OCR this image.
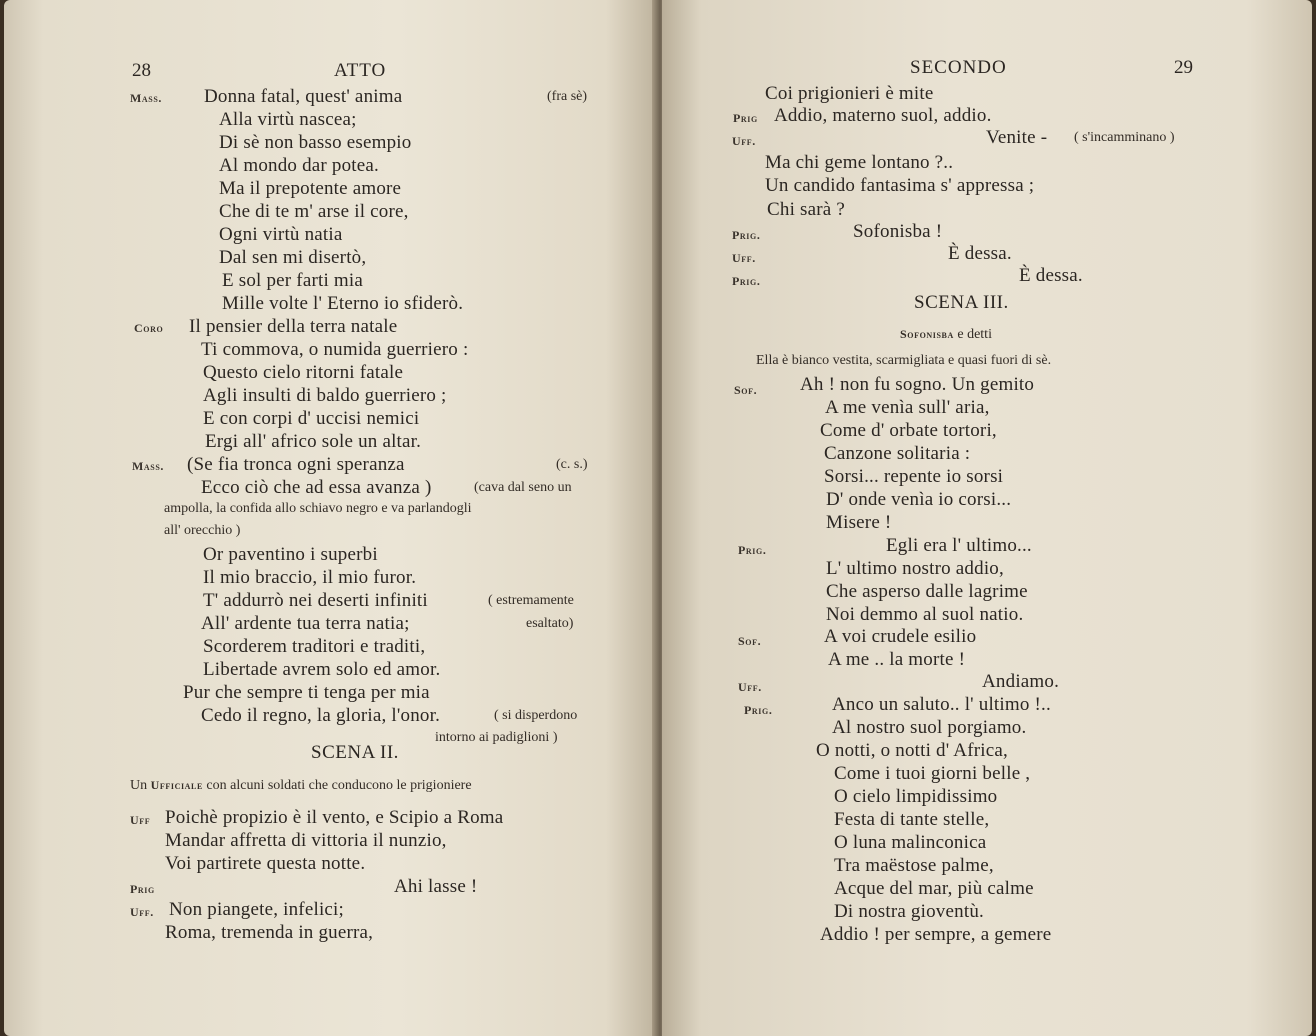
28	ATTO
Mass. Donna fatal, quest' anima	(fra sè)
Alla virtù nascea;
Di sè non basso esempio
Al mondo dar potea.
Ma il prepotente amore
Che di te m' arse il core,
Ogni virtù natia
Dal sen mi disertò,
E sol per farti mia
Mille volte l' Eterno io sfiderò.
Coro Il pensier della terra natale
Ti commova, o numida guerriero :
Questo cielo ritorni fatale
Agli insulti di baldo guerriero ;
E con corpi d' uccisi nemici
Ergi all' africo sole un altar.
Mass. (Se fia tronca ogni speranza	(c. s.)
Ecco ciò che ad essa avanza )	(cava dal seno un
ampolla, la confida allo schiavo negro e va parlandogli
all' orecchio )
Or paventino i superbi
Il mio braccio, il mio furor.
T' addurrò nei deserti infiniti	( estremamente
All' ardente tua terra natia;	esaltato)
Scorderem traditori e traditi,
Libertade avrem solo ed amor.
Pur che sempre ti tenga per mia
Cedo il regno, la gloria, l'onor.	( si disperdono
intorno ai padiglioni )
SCENA II.
Un Ufficiale con alcuni soldati che conducono le prigioniere
Uff Poichè propizio è il vento, e Scipio a Roma
Mandar affretta di vittoria il nunzio,
Voi partirete questa notte.
Prig	Ahi lasse !
Uff. Non piangete, infelici;
Roma, tremenda in guerra,
SECONDO	29
Coi prigionieri è mite
Prig Addio, materno suol, addio.
Uff.	Venite - ( s'incamminano )
Ma chi geme lontano ?..
Un candido fantasima s' appressa ;
Chi sarà ?
Prig.	Sofonisba !
Uff.	È dessa.
Prig.	È dessa.
SCENA III.
Sofonisba e detti
Ella è bianco vestita, scarmigliata e quasi fuori di sè.
Sof. Ah ! non fu sogno. Un gemito
A me venìa sull' aria,
Come d' orbate tortori,
Canzone solitaria :
Sorsi... repente io sorsi
D' onde venìa io corsi...
Misere !
Prig.	Egli era l' ultimo...
L' ultimo nostro addio,
Che asperso dalle lagrime
Noi demmo al suol natio.
Sof.	A voi crudele esilio
A me .. la morte !
Uff.	Andiamo.
Prig.	Anco un saluto.. l' ultimo !..
Al nostro suol porgiamo.
O notti, o notti d' Africa,
Come i tuoi giorni belle ,
O cielo limpidissimo
Festa di tante stelle,
O luna malinconica
Tra maëstose palme,
Acque del mar, più calme
Di nostra gioventù.
Addio ! per sempre, a gemere
